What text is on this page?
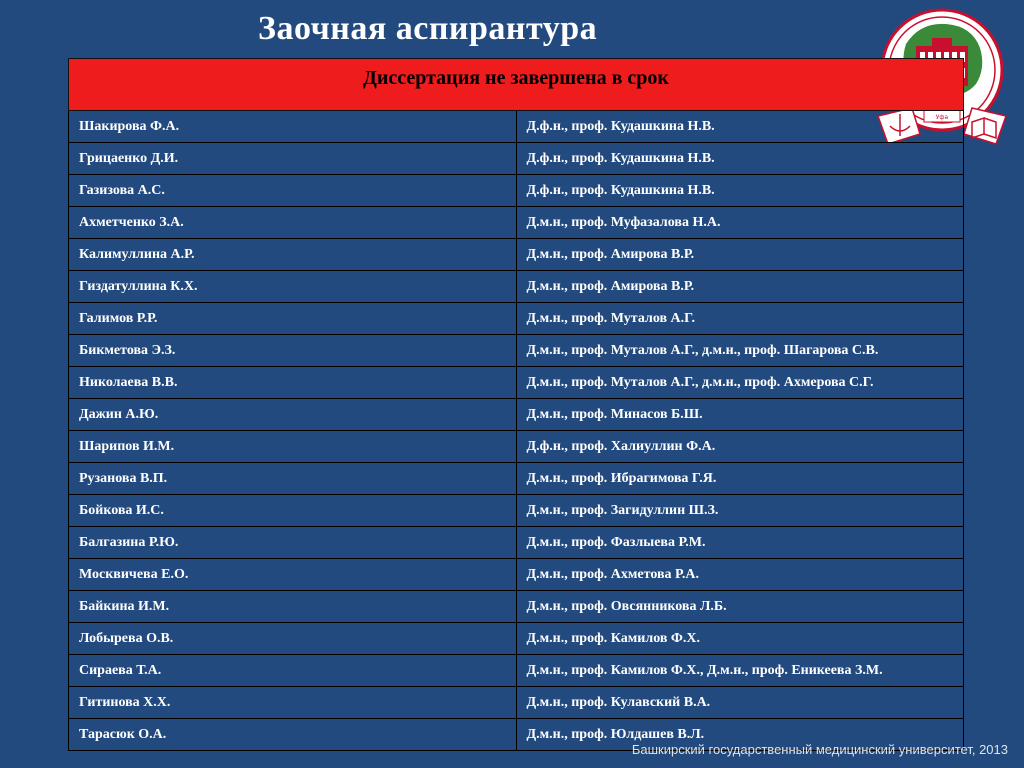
Заочная аспирантура
Уфа
Диссертация не завершена в срок	
Шакирова Ф.А.	Д.ф.н., проф. Кудашкина Н.В.
Грицаенко Д.И.	Д.ф.н., проф. Кудашкина Н.В.
Газизова А.С.	Д.ф.н., проф. Кудашкина Н.В.
Ахметченко З.А.	Д.м.н., проф. Муфазалова Н.А.
Калимуллина А.Р.	Д.м.н., проф. Амирова В.Р.
Гиздатуллина К.Х.	Д.м.н., проф. Амирова В.Р.
Галимов Р.Р.	Д.м.н., проф. Муталов А.Г.
Бикметова Э.З.	Д.м.н., проф. Муталов А.Г., д.м.н., проф. Шагарова С.В.
Николаева В.В.	Д.м.н., проф. Муталов А.Г., д.м.н., проф. Ахмерова С.Г.
Дажин А.Ю.	Д.м.н., проф. Минасов Б.Ш.
Шарипов И.М.	Д.ф.н., проф. Халиуллин Ф.А.
Рузанова В.П.	Д.м.н., проф. Ибрагимова Г.Я.
Бойкова И.С.	Д.м.н., проф. Загидуллин Ш.З.
Балгазина Р.Ю.	Д.м.н., проф. Фазлыева Р.М.
Москвичева Е.О.	Д.м.н., проф. Ахметова Р.А.
Байкина И.М.	Д.м.н., проф. Овсянникова Л.Б.
Лобырева О.В.	Д.м.н., проф. Камилов Ф.Х.
Сираева Т.А.	Д.м.н., проф. Камилов Ф.Х., Д.м.н., проф. Еникеева З.М.
Гитинова Х.Х.	Д.м.н., проф. Кулавский В.А.
Тарасюк О.А.	Д.м.н., проф. Юлдашев В.Л.
Башкирский государственный медицинский университет, 2013
